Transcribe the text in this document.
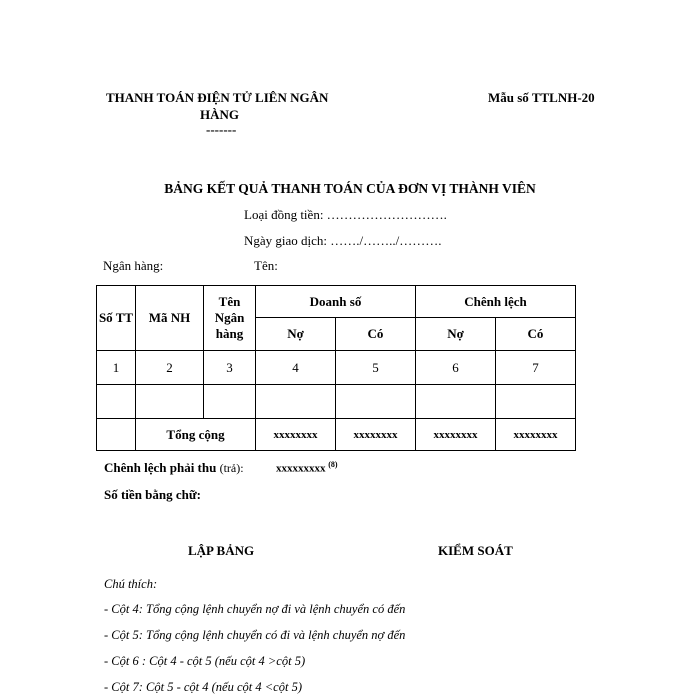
THANH TOÁN ĐIỆN TỬ LIÊN NGÂN
HÀNG
-------
Mẫu số TTLNH-20
BẢNG KẾT QUẢ THANH TOÁN CỦA ĐƠN VỊ THÀNH VIÊN
Loại đồng tiền: ……………………….
Ngày giao dịch: ……./……../……….
Ngân hàng:	Tên:
Số TT	Mã NH	Tên Ngân hàng	Doanh số		Chênh lệch	
			Nợ	Có	Nợ	Có
1	2	3	4	5	6	7

	Tổng cộng		xxxxxxxx	xxxxxxxx	xxxxxxxx	xxxxxxxx
Chênh lệch phải thu (trả):	xxxxxxxxx $^{(8)}$
Số tiền bằng chữ:
LẬP BẢNG	KIỂM SOÁT
Chú thích:
- Cột 4: Tổng cộng lệnh chuyển nợ đi và lệnh chuyển có đến
- Cột 5: Tổng cộng lệnh chuyển có đi và lệnh chuyển nợ đến
- Cột 6 : Cột 4 - cột 5 (nếu cột 4 >cột 5)
- Cột 7: Cột 5 - cột 4 (nếu cột 4 <cột 5)
